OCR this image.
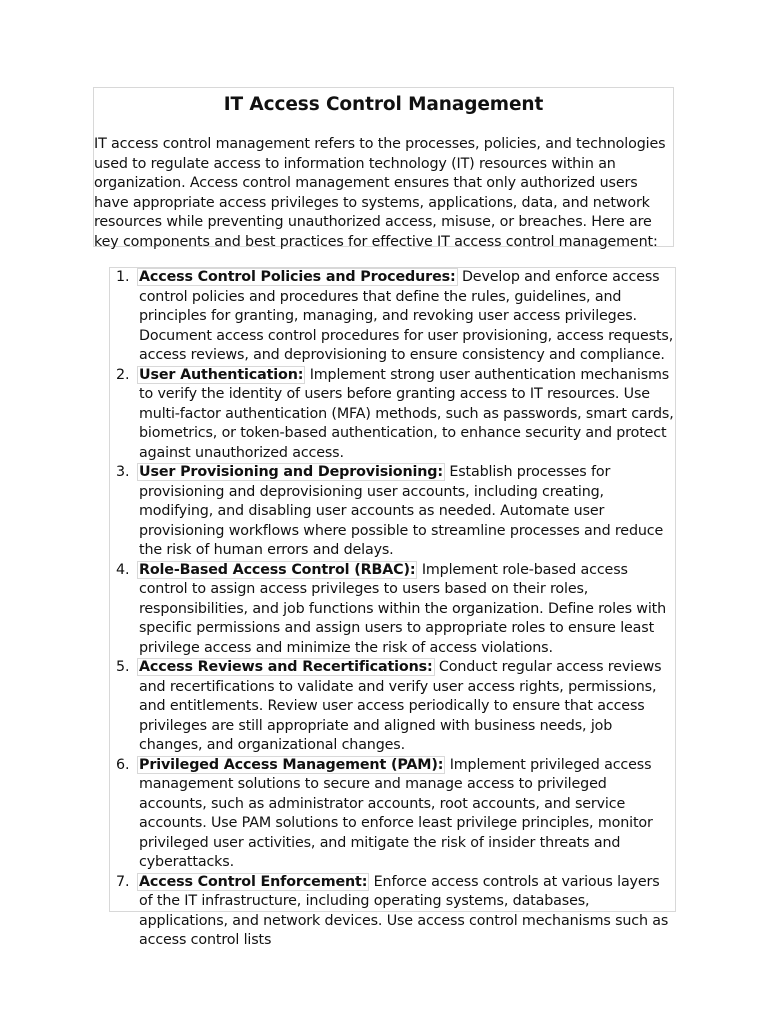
IT Access Control Management

IT access control management refers to the processes, policies, and technologies used to regulate access to information technology (IT) resources within an organization. Access control management ensures that only authorized users have appropriate access privileges to systems, applications, data, and network resources while preventing unauthorized access, misuse, or breaches. Here are key components and best practices for effective IT access control management:

1. Access Control Policies and Procedures: Develop and enforce access control policies and procedures that define the rules, guidelines, and principles for granting, managing, and revoking user access privileges. Document access control procedures for user provisioning, access requests, access reviews, and deprovisioning to ensure consistency and compliance.
2. User Authentication: Implement strong user authentication mechanisms to verify the identity of users before granting access to IT resources. Use multi-factor authentication (MFA) methods, such as passwords, smart cards, biometrics, or token-based authentication, to enhance security and protect against unauthorized access.
3. User Provisioning and Deprovisioning: Establish processes for provisioning and deprovisioning user accounts, including creating, modifying, and disabling user accounts as needed. Automate user provisioning workflows where possible to streamline processes and reduce the risk of human errors and delays.
4. Role-Based Access Control (RBAC): Implement role-based access control to assign access privileges to users based on their roles, responsibilities, and job functions within the organization. Define roles with specific permissions and assign users to appropriate roles to ensure least privilege access and minimize the risk of access violations.
5. Access Reviews and Recertifications: Conduct regular access reviews and recertifications to validate and verify user access rights, permissions, and entitlements. Review user access periodically to ensure that access privileges are still appropriate and aligned with business needs, job changes, and organizational changes.
6. Privileged Access Management (PAM): Implement privileged access management solutions to secure and manage access to privileged accounts, such as administrator accounts, root accounts, and service accounts. Use PAM solutions to enforce least privilege principles, monitor privileged user activities, and mitigate the risk of insider threats and cyberattacks.
7. Access Control Enforcement: Enforce access controls at various layers of the IT infrastructure, including operating systems, databases, applications, and network devices. Use access control mechanisms such as access control lists
